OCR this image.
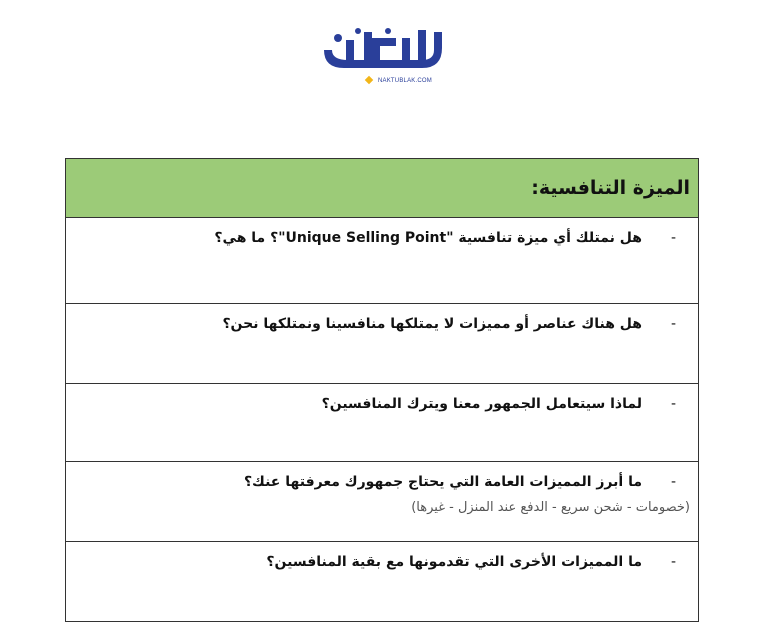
NAKTUBLAK.COM
الميزة التنافسية:
-
هل نمتلك أي ميزة تنافسية "Unique Selling Point"؟ ما هي؟
-
هل هناك عناصر أو مميزات لا يمتلكها منافسينا ونمتلكها نحن؟
-
لماذا سيتعامل الجمهور معنا ويترك المنافسين؟
-
ما أبرز المميزات العامة التي يحتاج جمهورك معرفتها عنك؟
(خصومات - شحن سريع - الدفع عند المنزل - غيرها)
-
ما المميزات الأخرى التي تقدمونها مع بقية المنافسين؟
